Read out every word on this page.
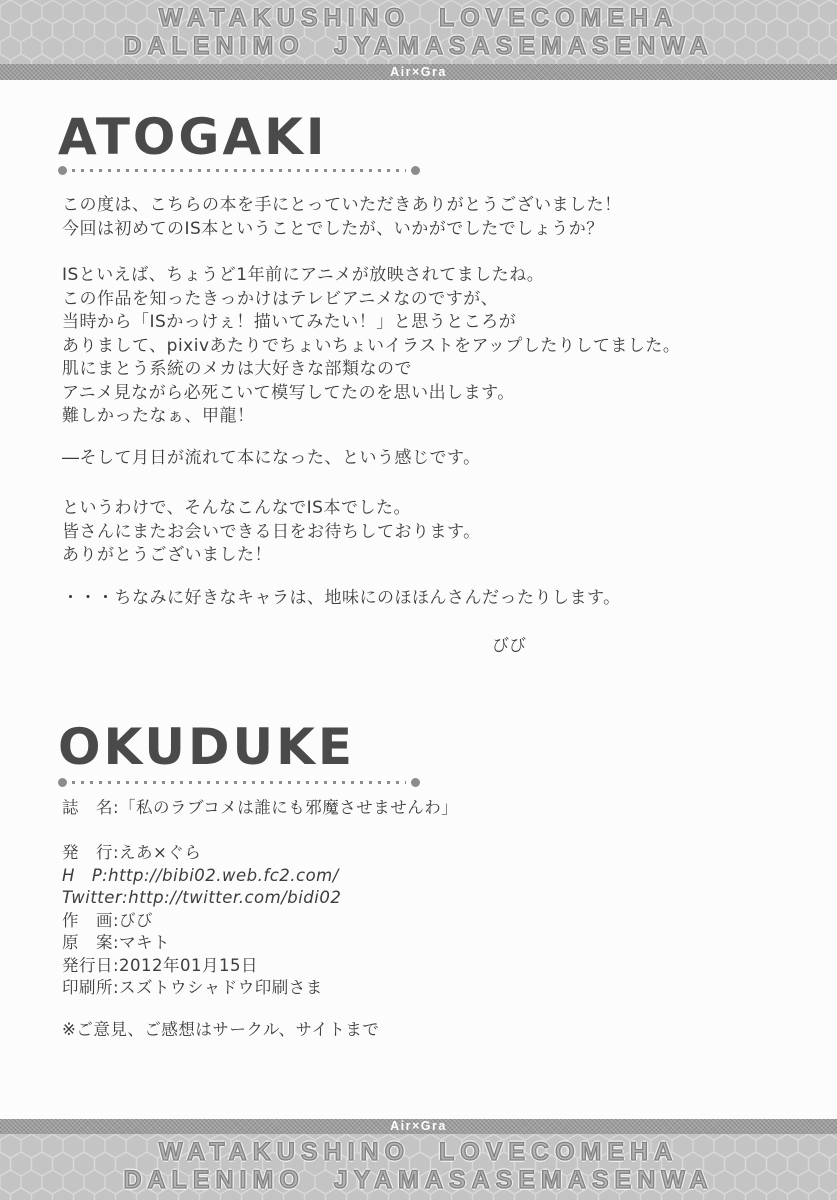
WATAKUSHINO LOVECOMEHA
DALENIMO JYAMASASEMASENWA
Air×Gra
ATOGAKI
この度は、こちらの本を手にとっていただきありがとうございました！
今回は初めてのIS本ということでしたが、いかがでしたでしょうか？
ISといえば、ちょうど1年前にアニメが放映されてましたね。
この作品を知ったきっかけはテレビアニメなのですが、
当時から「ISかっけぇ！描いてみたい！」と思うところが
ありまして、pixivあたりでちょいちょいイラストをアップしたりしてました。
肌にまとう系統のメカは大好きな部類なので
アニメ見ながら必死こいて模写してたのを思い出します。
難しかったなぁ、甲龍！
―そして月日が流れて本になった、という感じです。
というわけで、そんなこんなでIS本でした。
皆さんにまたお会いできる日をお待ちしております。
ありがとうございました！
・・・ちなみに好きなキャラは、地味にのほほんさんだったりします。
びび
OKUDUKE
誌　名:「私のラブコメは誰にも邪魔させませんわ」
発　行:えあ×ぐら
H　P:http://bibi02.web.fc2.com/
Twitter:http://twitter.com/bidi02
作　画:びび
原　案:マキト
発行日:2012年01月15日
印刷所:スズトウシャドウ印刷さま
※ご意見、ご感想はサークル、サイトまで
Air×Gra
WATAKUSHINO LOVECOMEHA
DALENIMO JYAMASASEMASENWA
